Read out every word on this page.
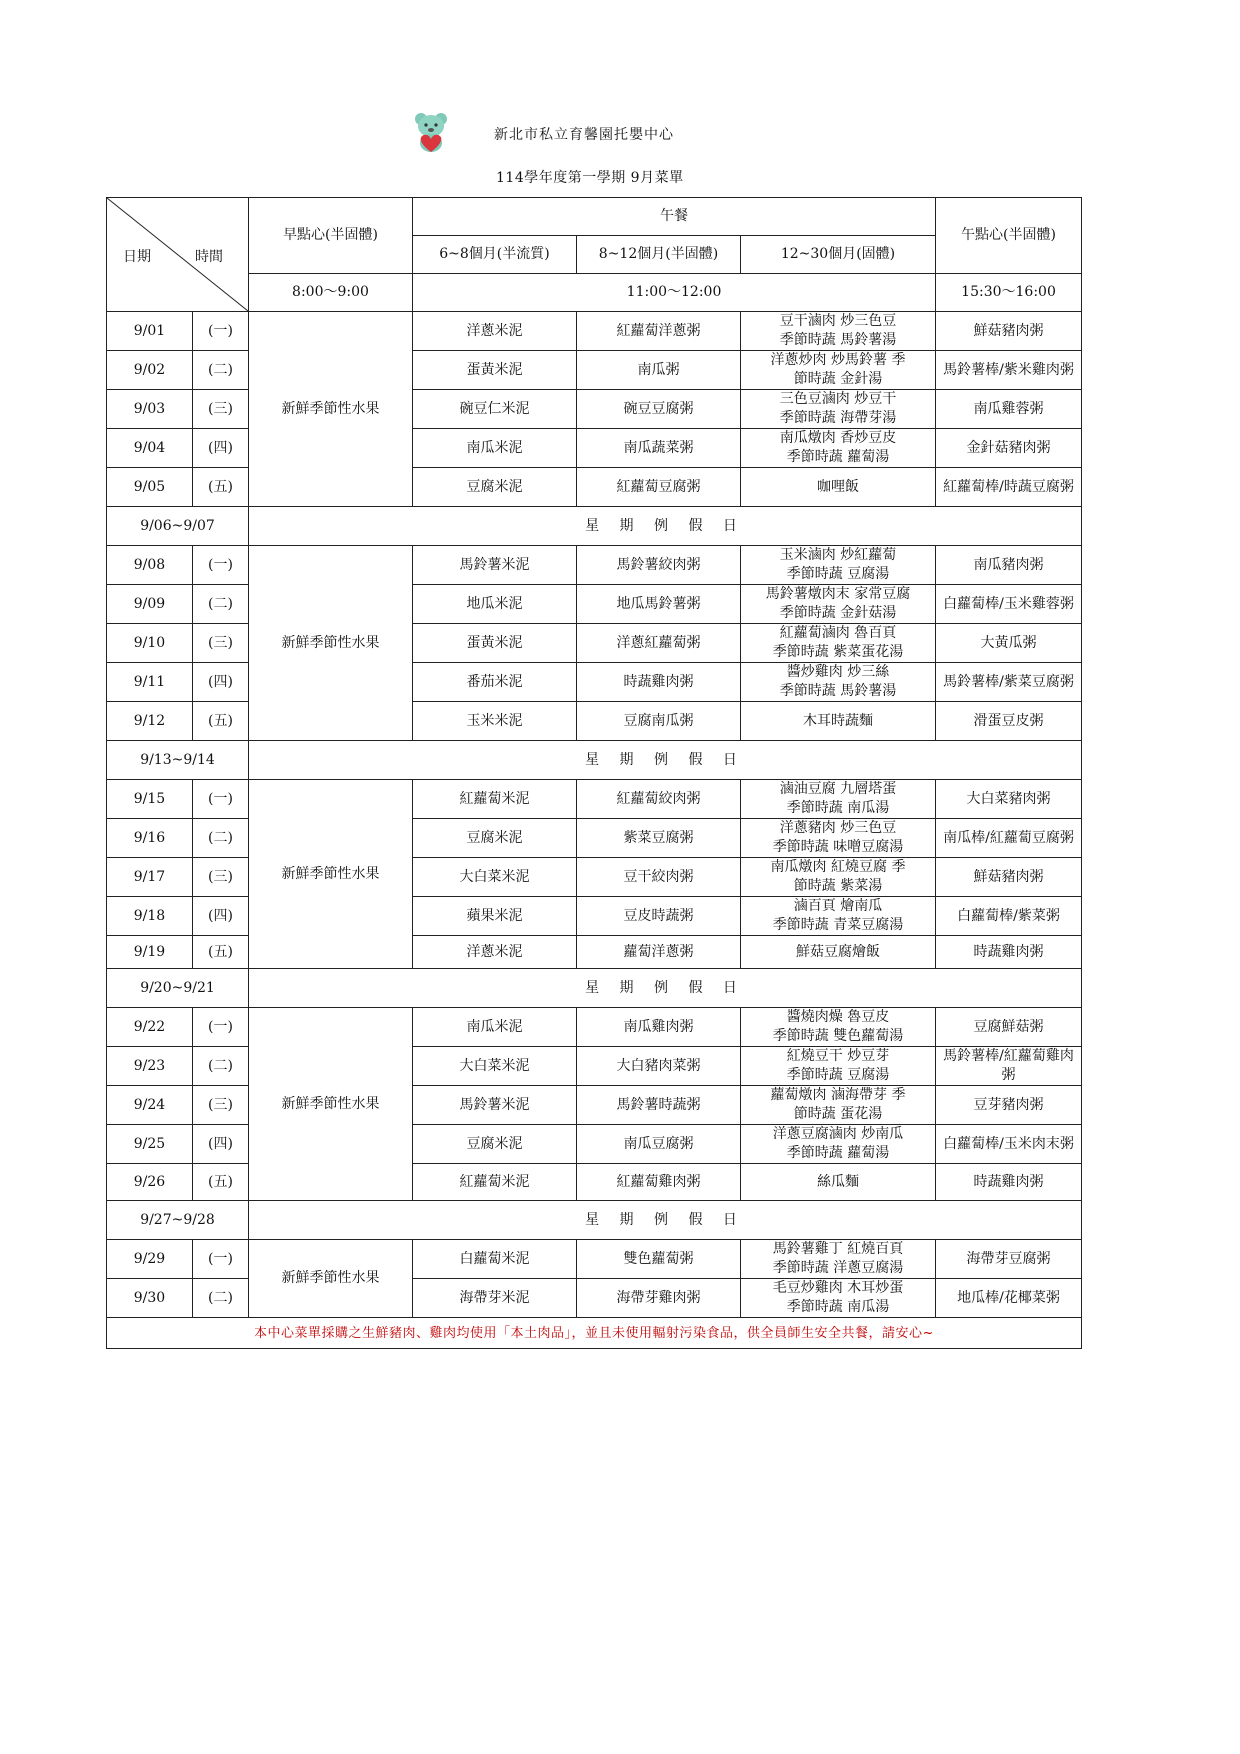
新北市私立育馨園托嬰中心
114學年度第一學期 9月菜單
日期 時間		早點心(半固體)	午餐			午點心(半固體)
			6~8個月(半流質)	8~12個月(半固體)	12~30個月(固體)	
		8:00～9:00	11:00～12:00			15:30～16:00
9/01	(一)	新鮮季節性水果	洋蔥米泥	紅蘿蔔洋蔥粥	豆干滷肉 炒三色豆
季節時蔬 馬鈴薯湯	鮮菇豬肉粥
9/02	(二)		蛋黃米泥	南瓜粥	洋蔥炒肉 炒馬鈴薯 季
節時蔬 金針湯	馬鈴薯棒/紫米雞肉粥
9/03	(三)		碗豆仁米泥	碗豆豆腐粥	三色豆滷肉 炒豆干
季節時蔬 海帶芽湯	南瓜雞蓉粥
9/04	(四)		南瓜米泥	南瓜蔬菜粥	南瓜燉肉 香炒豆皮
季節時蔬 蘿蔔湯	金針菇豬肉粥
9/05	(五)		豆腐米泥	紅蘿蔔豆腐粥	咖哩飯	紅蘿蔔棒/時蔬豆腐粥
9/06~9/07		星 期 例 假 日				
9/08	(一)	新鮮季節性水果	馬鈴薯米泥	馬鈴薯絞肉粥	玉米滷肉 炒紅蘿蔔
季節時蔬 豆腐湯	南瓜豬肉粥
9/09	(二)		地瓜米泥	地瓜馬鈴薯粥	馬鈴薯燉肉末 家常豆腐
季節時蔬 金針菇湯	白蘿蔔棒/玉米雞蓉粥
9/10	(三)		蛋黃米泥	洋蔥紅蘿蔔粥	紅蘿蔔滷肉 魯百頁
季節時蔬 紫菜蛋花湯	大黃瓜粥
9/11	(四)		番茄米泥	時蔬雞肉粥	醬炒雞肉 炒三絲
季節時蔬 馬鈴薯湯	馬鈴薯棒/紫菜豆腐粥
9/12	(五)		玉米米泥	豆腐南瓜粥	木耳時蔬麵	滑蛋豆皮粥
9/13~9/14		星 期 例 假 日				
9/15	(一)	新鮮季節性水果	紅蘿蔔米泥	紅蘿蔔絞肉粥	滷油豆腐 九層塔蛋
季節時蔬 南瓜湯	大白菜豬肉粥
9/16	(二)		豆腐米泥	紫菜豆腐粥	洋蔥豬肉 炒三色豆
季節時蔬 味噌豆腐湯	南瓜棒/紅蘿蔔豆腐粥
9/17	(三)		大白菜米泥	豆干絞肉粥	南瓜燉肉 紅燒豆腐 季
節時蔬 紫菜湯	鮮菇豬肉粥
9/18	(四)		蘋果米泥	豆皮時蔬粥	滷百頁 燴南瓜
季節時蔬 青菜豆腐湯	白蘿蔔棒/紫菜粥
9/19	(五)		洋蔥米泥	蘿蔔洋蔥粥	鮮菇豆腐燴飯	時蔬雞肉粥
9/20~9/21		星 期 例 假 日				
9/22	(一)	新鮮季節性水果	南瓜米泥	南瓜雞肉粥	醬燒肉燥 魯豆皮
季節時蔬 雙色蘿蔔湯	豆腐鮮菇粥
9/23	(二)		大白菜米泥	大白豬肉菜粥	紅燒豆干 炒豆芽
季節時蔬 豆腐湯	馬鈴薯棒/紅蘿蔔雞肉粥
9/24	(三)		馬鈴薯米泥	馬鈴薯時蔬粥	蘿蔔燉肉 滷海帶芽 季
節時蔬 蛋花湯	豆芽豬肉粥
9/25	(四)		豆腐米泥	南瓜豆腐粥	洋蔥豆腐滷肉 炒南瓜
季節時蔬 蘿蔔湯	白蘿蔔棒/玉米肉末粥
9/26	(五)		紅蘿蔔米泥	紅蘿蔔雞肉粥	絲瓜麵	時蔬雞肉粥
9/27~9/28		星 期 例 假 日				
9/29	(一)	新鮮季節性水果	白蘿蔔米泥	雙色蘿蔔粥	馬鈴薯雞丁 紅燒百頁
季節時蔬 洋蔥豆腐湯	海帶芽豆腐粥
9/30	(二)		海帶芽米泥	海帶芽雞肉粥	毛豆炒雞肉 木耳炒蛋
季節時蔬 南瓜湯	地瓜棒/花椰菜粥
本中心菜單採購之生鮮豬肉、雞肉均使用「本土肉品」，並且未使用輻射污染食品，供全員師生安全共餐，請安心~						
